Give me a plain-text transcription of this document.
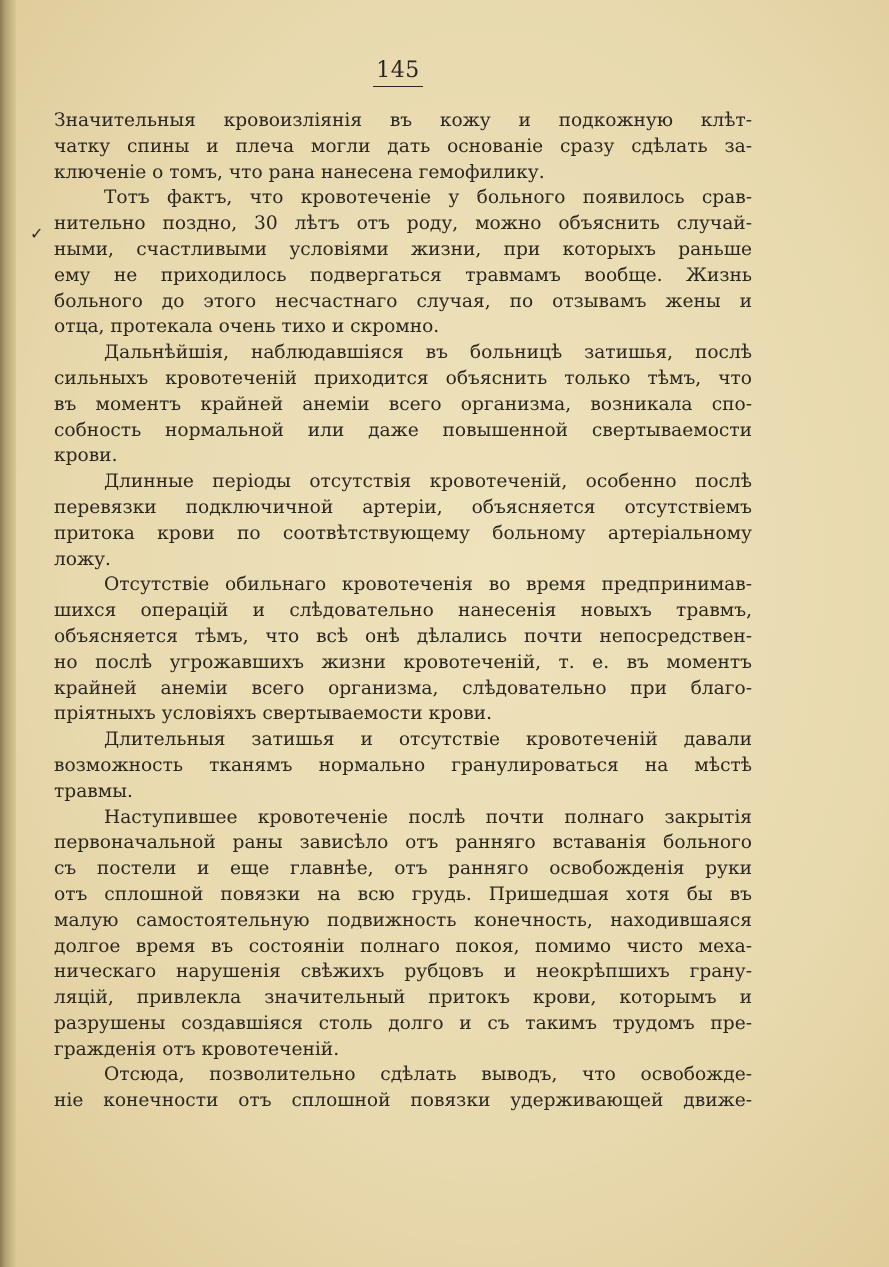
145
✓
Значительныя кровоизліянія въ кожу и подкожную клѣт-
чатку спины и плеча могли дать основаніе сразу сдѣлать за-
ключеніе о томъ, что рана нанесена гемофилику.
Тотъ фактъ, что кровотеченіе у больного появилось срав-
нительно поздно, 30 лѣтъ отъ роду, можно объяснить случай-
ными, счастливыми условіями жизни, при которыхъ раньше
ему не приходилось подвергаться травмамъ вообще. Жизнь
больного до этого несчастнаго случая, по отзывамъ жены и
отца, протекала очень тихо и скромно.
Дальнѣйшія, наблюдавшіяся въ больницѣ затишья, послѣ
сильныхъ кровотеченій приходится объяснить только тѣмъ, что
въ моментъ крайней анеміи всего организма, возникала спо-
собность нормальной или даже повышенной свертываемости
крови.
Длинные періоды отсутствія кровотеченій, особенно послѣ
перевязки подключичной артеріи, объясняется отсутствіемъ
притока крови по соотвѣтствующему больному артеріальному
ложу.
Отсутствіе обильнаго кровотеченія во время предпринимав-
шихся операцій и слѣдовательно нанесенія новыхъ травмъ,
объясняется тѣмъ, что всѣ онѣ дѣлались почти непосредствен-
но послѣ угрожавшихъ жизни кровотеченій, т. е. въ моментъ
крайней анеміи всего организма, слѣдовательно при благо-
пріятныхъ условіяхъ свертываемости крови.
Длительныя затишья и отсутствіе кровотеченій давали
возможность тканямъ нормально гранулироваться на мѣстѣ
травмы.
Наступившее кровотеченіе послѣ почти полнаго закрытія
первоначальной раны зависѣло отъ ранняго вставанія больного
съ постели и еще главнѣе, отъ ранняго освобожденія руки
отъ сплошной повязки на всю грудь. Пришедшая хотя бы въ
малую самостоятельную подвижность конечность, находившаяся
долгое время въ состояніи полнаго покоя, помимо чисто меха-
ническаго нарушенія свѣжихъ рубцовъ и неокрѣпшихъ грану-
ляцій, привлекла значительный притокъ крови, которымъ и
разрушены создавшіяся столь долго и съ такимъ трудомъ пре-
гражденія отъ кровотеченій.
Отсюда, позволительно сдѣлать выводъ, что освобожде-
ніе конечности отъ сплошной повязки удерживающей движе-
